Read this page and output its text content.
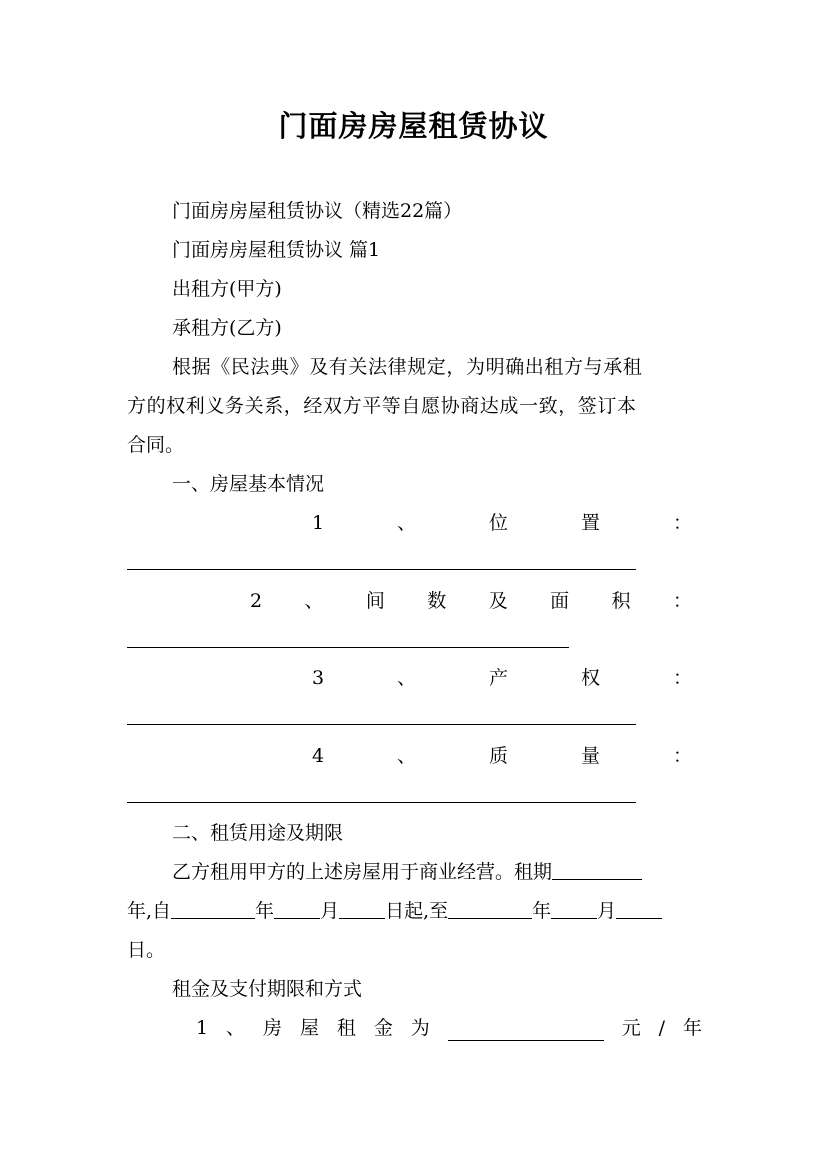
门面房房屋租赁协议
门面房房屋租赁协议（精选22篇）
门面房房屋租赁协议 篇1
出租方(甲方)
承租方(乙方)
根据《民法典》及有关法律规定，为明确出租方与承租
方的权利义务关系，经双方平等自愿协商达成一致，签订本
合同。
一、房屋基本情况
1	、	位	置	：
2 、 间 数 及 面 积 ：
3	、	产	权	：
4	、	质	量	：
二、租赁用途及期限
乙方租用甲方的上述房屋用于商业经营。租期
年,自	年 月 日起,至	年 月
日。
租金及支付期限和方式
1 、 房 屋 租 金 为	元 / 年
